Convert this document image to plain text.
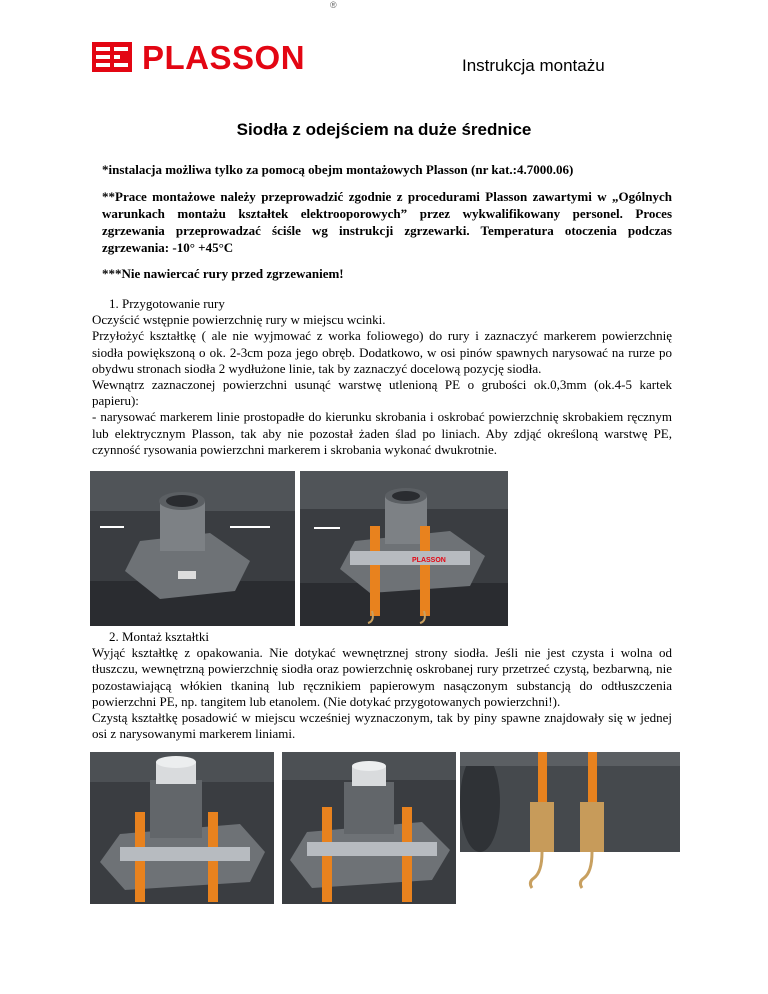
PLASSON
®
Instrukcja montażu
Siodła z odejściem na duże średnice
*instalacja możliwa tylko za pomocą obejm montażowych Plasson (nr kat.:4.7000.06)
**Prace montażowe należy przeprowadzić zgodnie z procedurami Plasson zawartymi w „Ogólnych warunkach montażu kształtek elektrooporowych” przez wykwalifikowany personel. Proces zgrzewania przeprowadzać ściśle wg instrukcji zgrzewarki. Temperatura otoczenia podczas zgrzewania: -10° +45°C
***Nie nawiercać rury przed zgrzewaniem!

1. Przygotowanie rury

Oczyścić wstępnie powierzchnię rury w miejscu wcinki.

Przyłożyć kształtkę ( ale nie wyjmować z worka foliowego) do rury i zaznaczyć markerem powierzchnię siodła powiększoną o ok. 2-3cm poza jego obręb. Dodatkowo, w osi pinów spawnych narysować na rurze po obydwu stronach siodła 2 wydłużone linie, tak by zaznaczyć docelową pozycję siodła.

Wewnątrz zaznaczonej powierzchni usunąć warstwę utlenioną PE o grubości ok.0,3mm (ok.4-5 kartek papieru):

- narysować markerem linie prostopadłe do kierunku skrobania i oskrobać powierzchnię skrobakiem ręcznym lub elektrycznym Plasson, tak aby nie pozostał żaden ślad po liniach. Aby zdjąć określoną warstwę PE, czynność rysowania powierzchni markerem i skrobania wykonać dwukrotnie.

PLASSON

2. Montaż kształtki

Wyjąć kształtkę z opakowania. Nie dotykać wewnętrznej strony siodła. Jeśli nie jest czysta i wolna od tłuszczu, wewnętrzną powierzchnię siodła oraz powierzchnię oskrobanej rury przetrzeć czystą, bezbarwną, nie pozostawiającą włókien tkaniną lub ręcznikiem papierowym nasączonym substancją do odtłuszczenia powierzchni PE, np. tangitem lub etanolem. (Nie dotykać przygotowanych powierzchni!).

Czystą kształtkę posadowić w miejscu wcześniej wyznaczonym, tak by piny spawne znajdowały się w jednej osi z narysowanymi markerem liniami.
